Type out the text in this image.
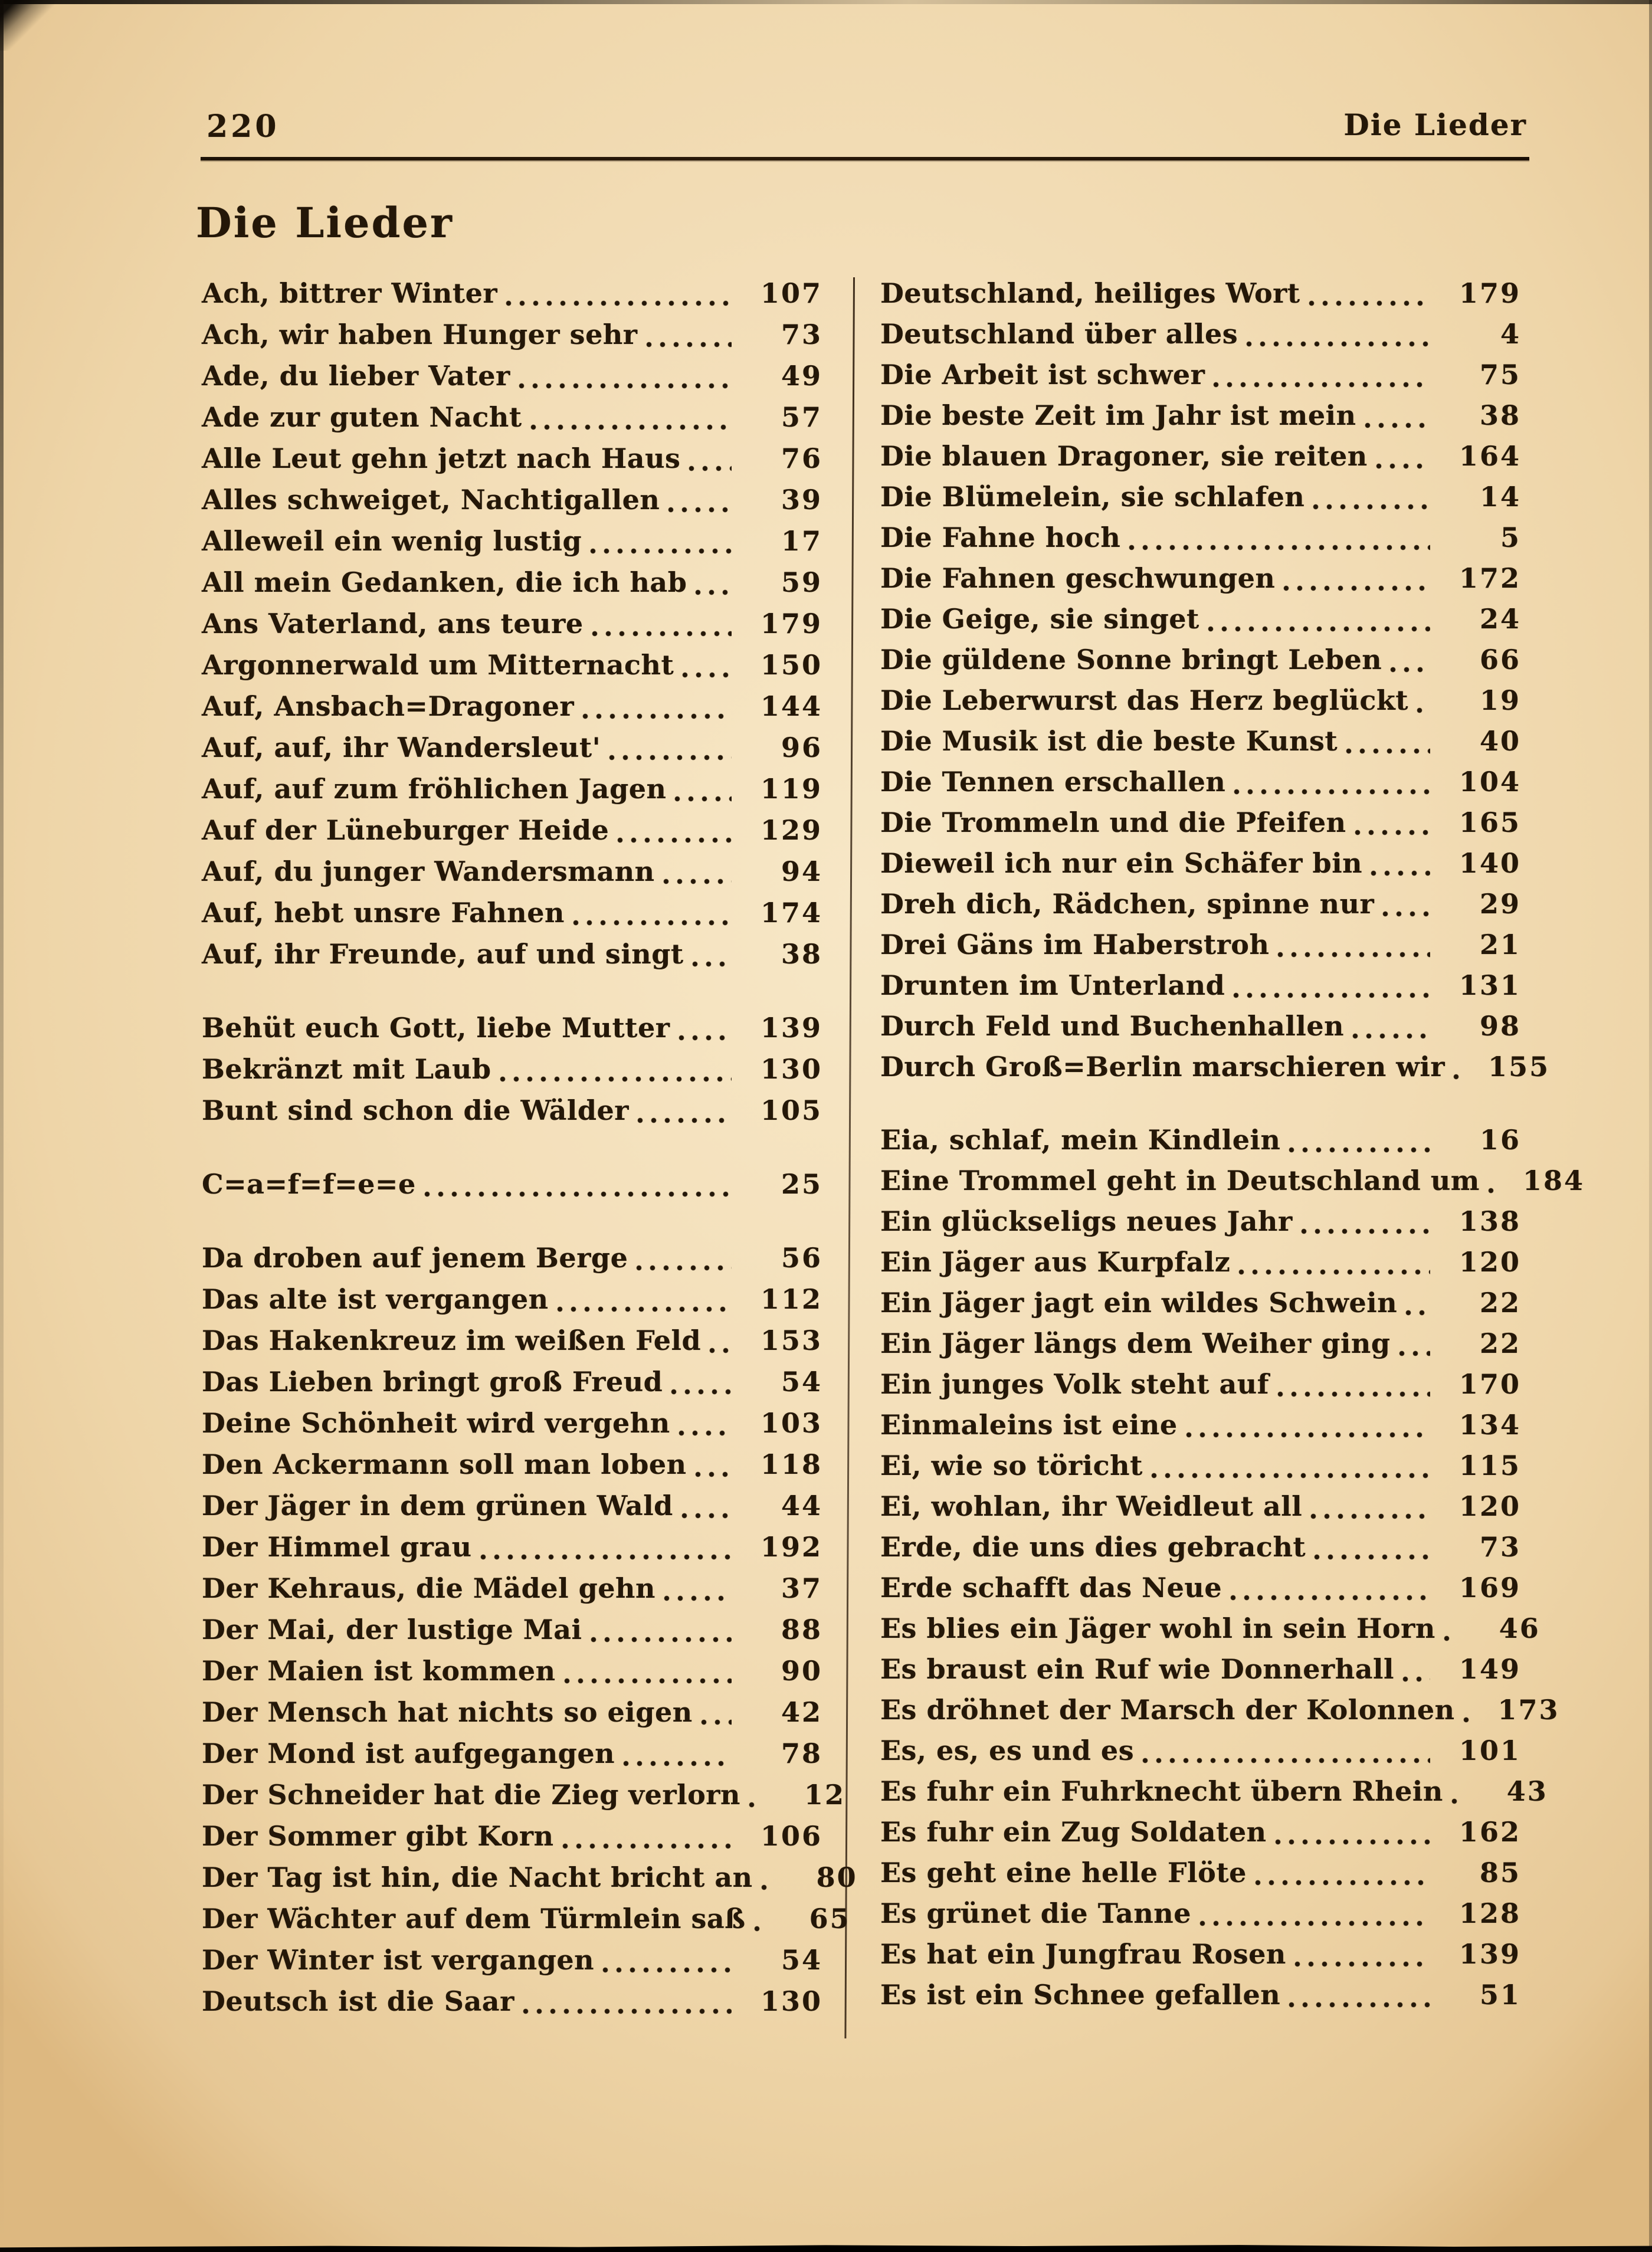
220	Die Lieder
Die Lieder
Ach, bittrer Winter	107
Ach, wir haben Hunger sehr	73
Ade, du lieber Vater	49
Ade zur guten Nacht	57
Alle Leut gehn jetzt nach Haus	76
Alles schweiget, Nachtigallen	39
Alleweil ein wenig lustig	17
All mein Gedanken, die ich hab	59
Ans Vaterland, ans teure	179
Argonnerwald um Mitternacht	150
Auf, Ansbach=Dragoner	144
Auf, auf, ihr Wandersleut'	96
Auf, auf zum fröhlichen Jagen	119
Auf der Lüneburger Heide	129
Auf, du junger Wandersmann	94
Auf, hebt unsre Fahnen	174
Auf, ihr Freunde, auf und singt	38
Behüt euch Gott, liebe Mutter	139
Bekränzt mit Laub	130
Bunt sind schon die Wälder	105
C=a=f=f=e=e	25
Da droben auf jenem Berge	56
Das alte ist vergangen	112
Das Hakenkreuz im weißen Feld	153
Das Lieben bringt groß Freud	54
Deine Schönheit wird vergehn	103
Den Ackermann soll man loben	118
Der Jäger in dem grünen Wald	44
Der Himmel grau	192
Der Kehraus, die Mädel gehn	37
Der Mai, der lustige Mai	88
Der Maien ist kommen	90
Der Mensch hat nichts so eigen	42
Der Mond ist aufgegangen	78
Der Schneider hat die Zieg verlorn	12
Der Sommer gibt Korn	106
Der Tag ist hin, die Nacht bricht an	80
Der Wächter auf dem Türmlein saß	65
Der Winter ist vergangen	54
Deutsch ist die Saar	130
Deutschland, heiliges Wort	179
Deutschland über alles	4
Die Arbeit ist schwer	75
Die beste Zeit im Jahr ist mein	38
Die blauen Dragoner, sie reiten	164
Die Blümelein, sie schlafen	14
Die Fahne hoch	5
Die Fahnen geschwungen	172
Die Geige, sie singet	24
Die güldene Sonne bringt Leben	66
Die Leberwurst das Herz beglückt	19
Die Musik ist die beste Kunst	40
Die Tennen erschallen	104
Die Trommeln und die Pfeifen	165
Dieweil ich nur ein Schäfer bin	140
Dreh dich, Rädchen, spinne nur	29
Drei Gäns im Haberstroh	21
Drunten im Unterland	131
Durch Feld und Buchenhallen	98
Durch Groß=Berlin marschieren wir	155
Eia, schlaf, mein Kindlein	16
Eine Trommel geht in Deutschland um	184
Ein glückseligs neues Jahr	138
Ein Jäger aus Kurpfalz	120
Ein Jäger jagt ein wildes Schwein	22
Ein Jäger längs dem Weiher ging	22
Ein junges Volk steht auf	170
Einmaleins ist eine	134
Ei, wie so töricht	115
Ei, wohlan, ihr Weidleut all	120
Erde, die uns dies gebracht	73
Erde schafft das Neue	169
Es blies ein Jäger wohl in sein Horn	46
Es braust ein Ruf wie Donnerhall	149
Es dröhnet der Marsch der Kolonnen	173
Es, es, es und es	101
Es fuhr ein Fuhrknecht übern Rhein	43
Es fuhr ein Zug Soldaten	162
Es geht eine helle Flöte	85
Es grünet die Tanne	128
Es hat ein Jungfrau Rosen	139
Es ist ein Schnee gefallen	51
